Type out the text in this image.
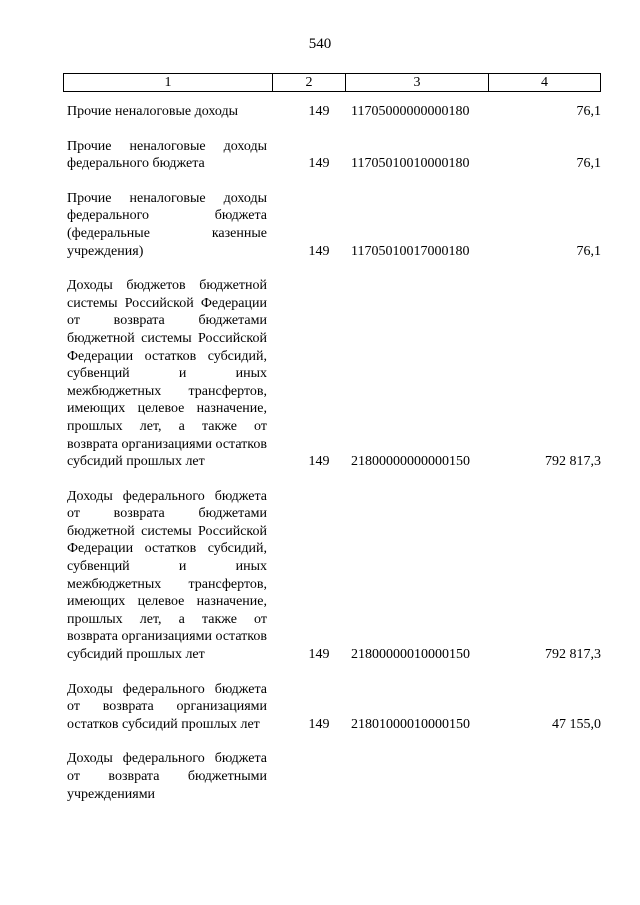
540
1	2	3	4
Прочие неналоговые доходы	149	11705000000000180	76,1
Прочие неналоговые доходы федерального бюджета	149	11705010010000180	76,1
Прочие неналоговые доходы федерального бюджета (федеральные казенные учреждения)	149	11705010017000180	76,1
Доходы бюджетов бюджетной системы Российской Федерации от возврата бюджетами бюджетной системы Российской Федерации остатков субсидий, субвенций и иных межбюджетных трансфертов, имеющих целевое назначение, прошлых лет, а также от возврата организациями остатков субсидий прошлых лет	149	21800000000000150	792 817,3
Доходы федерального бюджета от возврата бюджетами бюджетной системы Российской Федерации остатков субсидий, субвенций и иных межбюджетных трансфертов, имеющих целевое назначение, прошлых лет, а также от возврата организациями остатков субсидий прошлых лет	149	21800000010000150	792 817,3
Доходы федерального бюджета от возврата организациями остатков субсидий прошлых лет	149	21801000010000150	47 155,0
Доходы федерального бюджета от возврата бюджетными учреждениями
